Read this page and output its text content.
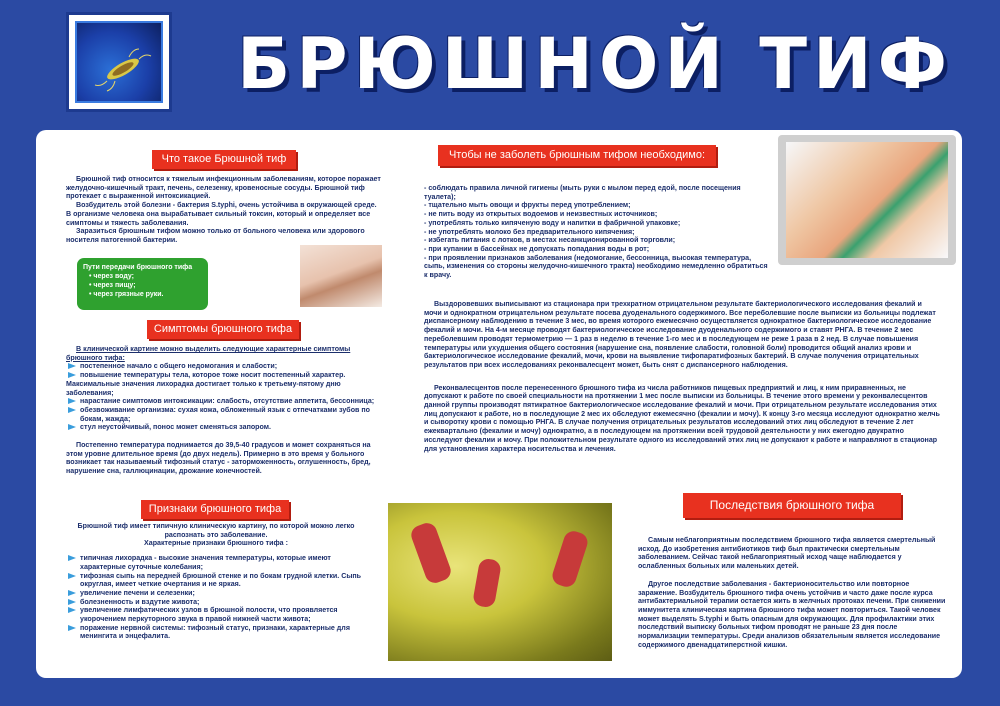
БРЮШНОЙ ТИФ
Что такое Брюшной тиф

Брюшной тиф относится к тяжелым инфекционным заболеваниям, которое поражает желудочно-кишечный тракт, печень, селезенку, кровеносные сосуды. Брюшной тиф протекает с выраженной интоксикацией.

Возбудитель этой болезни - бактерия S.typhi, очень устойчива в окружающей среде. В организме человека она вырабатывает сильный токсин, который и определяет все симптомы и тяжесть заболевания.

Заразиться брюшным тифом можно только от больного человека или здорового носителя патогенной бактерии.

Пути передачи брюшного тифа
• через воду;
• через пищу;
• через грязные руки.
Симптомы брюшного тифа

В клинической картине можно выделить следующие характерные симптомы брюшного тифа:

постепенное начало с общего недомогания и слабости;
повышение температуры тела, которое тоже носит постепенный характер.

Максимальные значения лихорадка достигает только к третьему-пятому дню заболевания;

нарастание симптомов интоксикации: слабость, отсутствие аппетита, бессонница;
обезвоживание организма: сухая кожа, обложенный язык с отпечатками зубов по бокам, жажда;
стул неустойчивый, понос может сменяться запором.

Постепенно температура поднимается до 39,5-40 градусов и может сохраняться на этом уровне длительное время (до двух недель). Примерно в это время у больного возникает так называемый тифозный статус - заторможенность, оглушенность, бред, нарушение сна, галлюцинации, дрожание конечностей.

Признаки брюшного тифа

Брюшной тиф имеет типичную клиническую картину, по которой можно легко распознать это заболевание.

Характерные признаки брюшного тифа :

типичная лихорадка - высокие значения температуры, которые имеют характерные суточные колебания;
тифозная сыпь на передней брюшной стенке и по бокам грудной клетки. Сыпь округлая, имеет четкие очертания и не яркая.
увеличение печени и селезенки;
болезненность и вздутие живота;
увеличение лимфатических узлов в брюшной полости, что проявляется укорочением перкуторного звука в правой нижней части живота;
поражение нервной системы: тифозный статус, признаки, характерные для менингита и энцефалита.
Чтобы не заболеть брюшным тифом необходимо:

- соблюдать правила личной гигиены (мыть руки с мылом перед едой, после посещения туалета);

- тщательно мыть овощи и фрукты перед употреблением;

- не пить воду из открытых водоемов и неизвестных источников;

- употреблять только кипяченую воду и напитки в фабричной упаковке;

- не употреблять молоко без предварительного кипячения;

- избегать питания с лотков, в местах несанкционированной торговли;

- при купании в бассейнах не допускать попадания воды в рот;

- при проявлении признаков заболевания (недомогание, бессонница, высокая температура, сыпь, изменения со стороны желудочно-кишечного тракта) необходимо немедленно обратиться к врачу.

Выздоровевших выписывают из стационара при трехкратном отрицательном результате бактериологического исследования фекалий и мочи и однократном отрицательном результате посева дуоденального содержимого. Все переболевшие после выписки из больницы подлежат диспансерному наблюдению в течение 3 мес, во время которого ежемесячно осуществляется однократное бактериологическое исследование фекалий и мочи. На 4-м месяце проводят бактериологическое исследование дуоденального содержимого и ставят РНГА. В течение 2 мес переболевшим проводят термометрию — 1 раз в неделю в течение 1-го мес и в последующем не реже 1 раза в 2 нед. В случае повышения температуры или ухудшения общего состояния (нарушение сна, появление слабости, головной боли) проводится общий анализ крови и бактериологическое исследование фекалий, мочи, крови на выявление тифопаратифозных бактерий. В случае получения отрицательных результатов при всех исследованиях реконвалесцент может, быть снят с диспансерного наблюдения.

Реконвалесцентов после перенесенного брюшного тифа из числа работников пищевых предприятий и лиц, к ним приравненных, не допускают к работе по своей специальности на протяжении 1 мес после выписки из больницы. В течение этого времени у реконвалесцентов данной группы производят пятикратное бактериологическое исследование фекалий и мочи. При отрицательном результате исследования этих лиц допускают к работе, но в последующие 2 мес их обследуют ежемесячно (фекалии и мочу). К концу 3-го месяца исследуют однократно желчь и сыворотку крови с помощью РНГА. В случае получения отрицательных результатов исследований этих лиц обследуют в течение 2 лет ежеквартально (фекалии и мочу) однократно, а в последующем на протяжении всей трудовой деятельности у них ежегодно двукратно исследуют фекалии и мочу. При положительном результате одного из исследований этих лиц не допускают к работе и направляют в стационар для установления характера носительства и лечения.

Последствия брюшного тифа

Самым неблагоприятным последствием брюшного тифа является смертельный исход. До изобретения антибиотиков тиф был практически смертельным заболеванием. Сейчас такой неблагоприятный исход чаще наблюдается у ослабленных больных или маленьких детей.

Другое последствие заболевания - бактерионосительство или повторное заражение. Возбудитель брюшного тифа очень устойчив и часто даже после курса антибактериальной терапии остается жить в желчных протоках печени. При снижении иммунитета клиническая картина брюшного тифа может повториться. Такой человек может выделять S.typhi и быть опасным для окружающих. Для профилактики этих последствий выписку больных тифом проводят не раньше 23 дня после нормализации температуры. Среди анализов обязательным является исследование содержимого двенадцатиперстной кишки.
